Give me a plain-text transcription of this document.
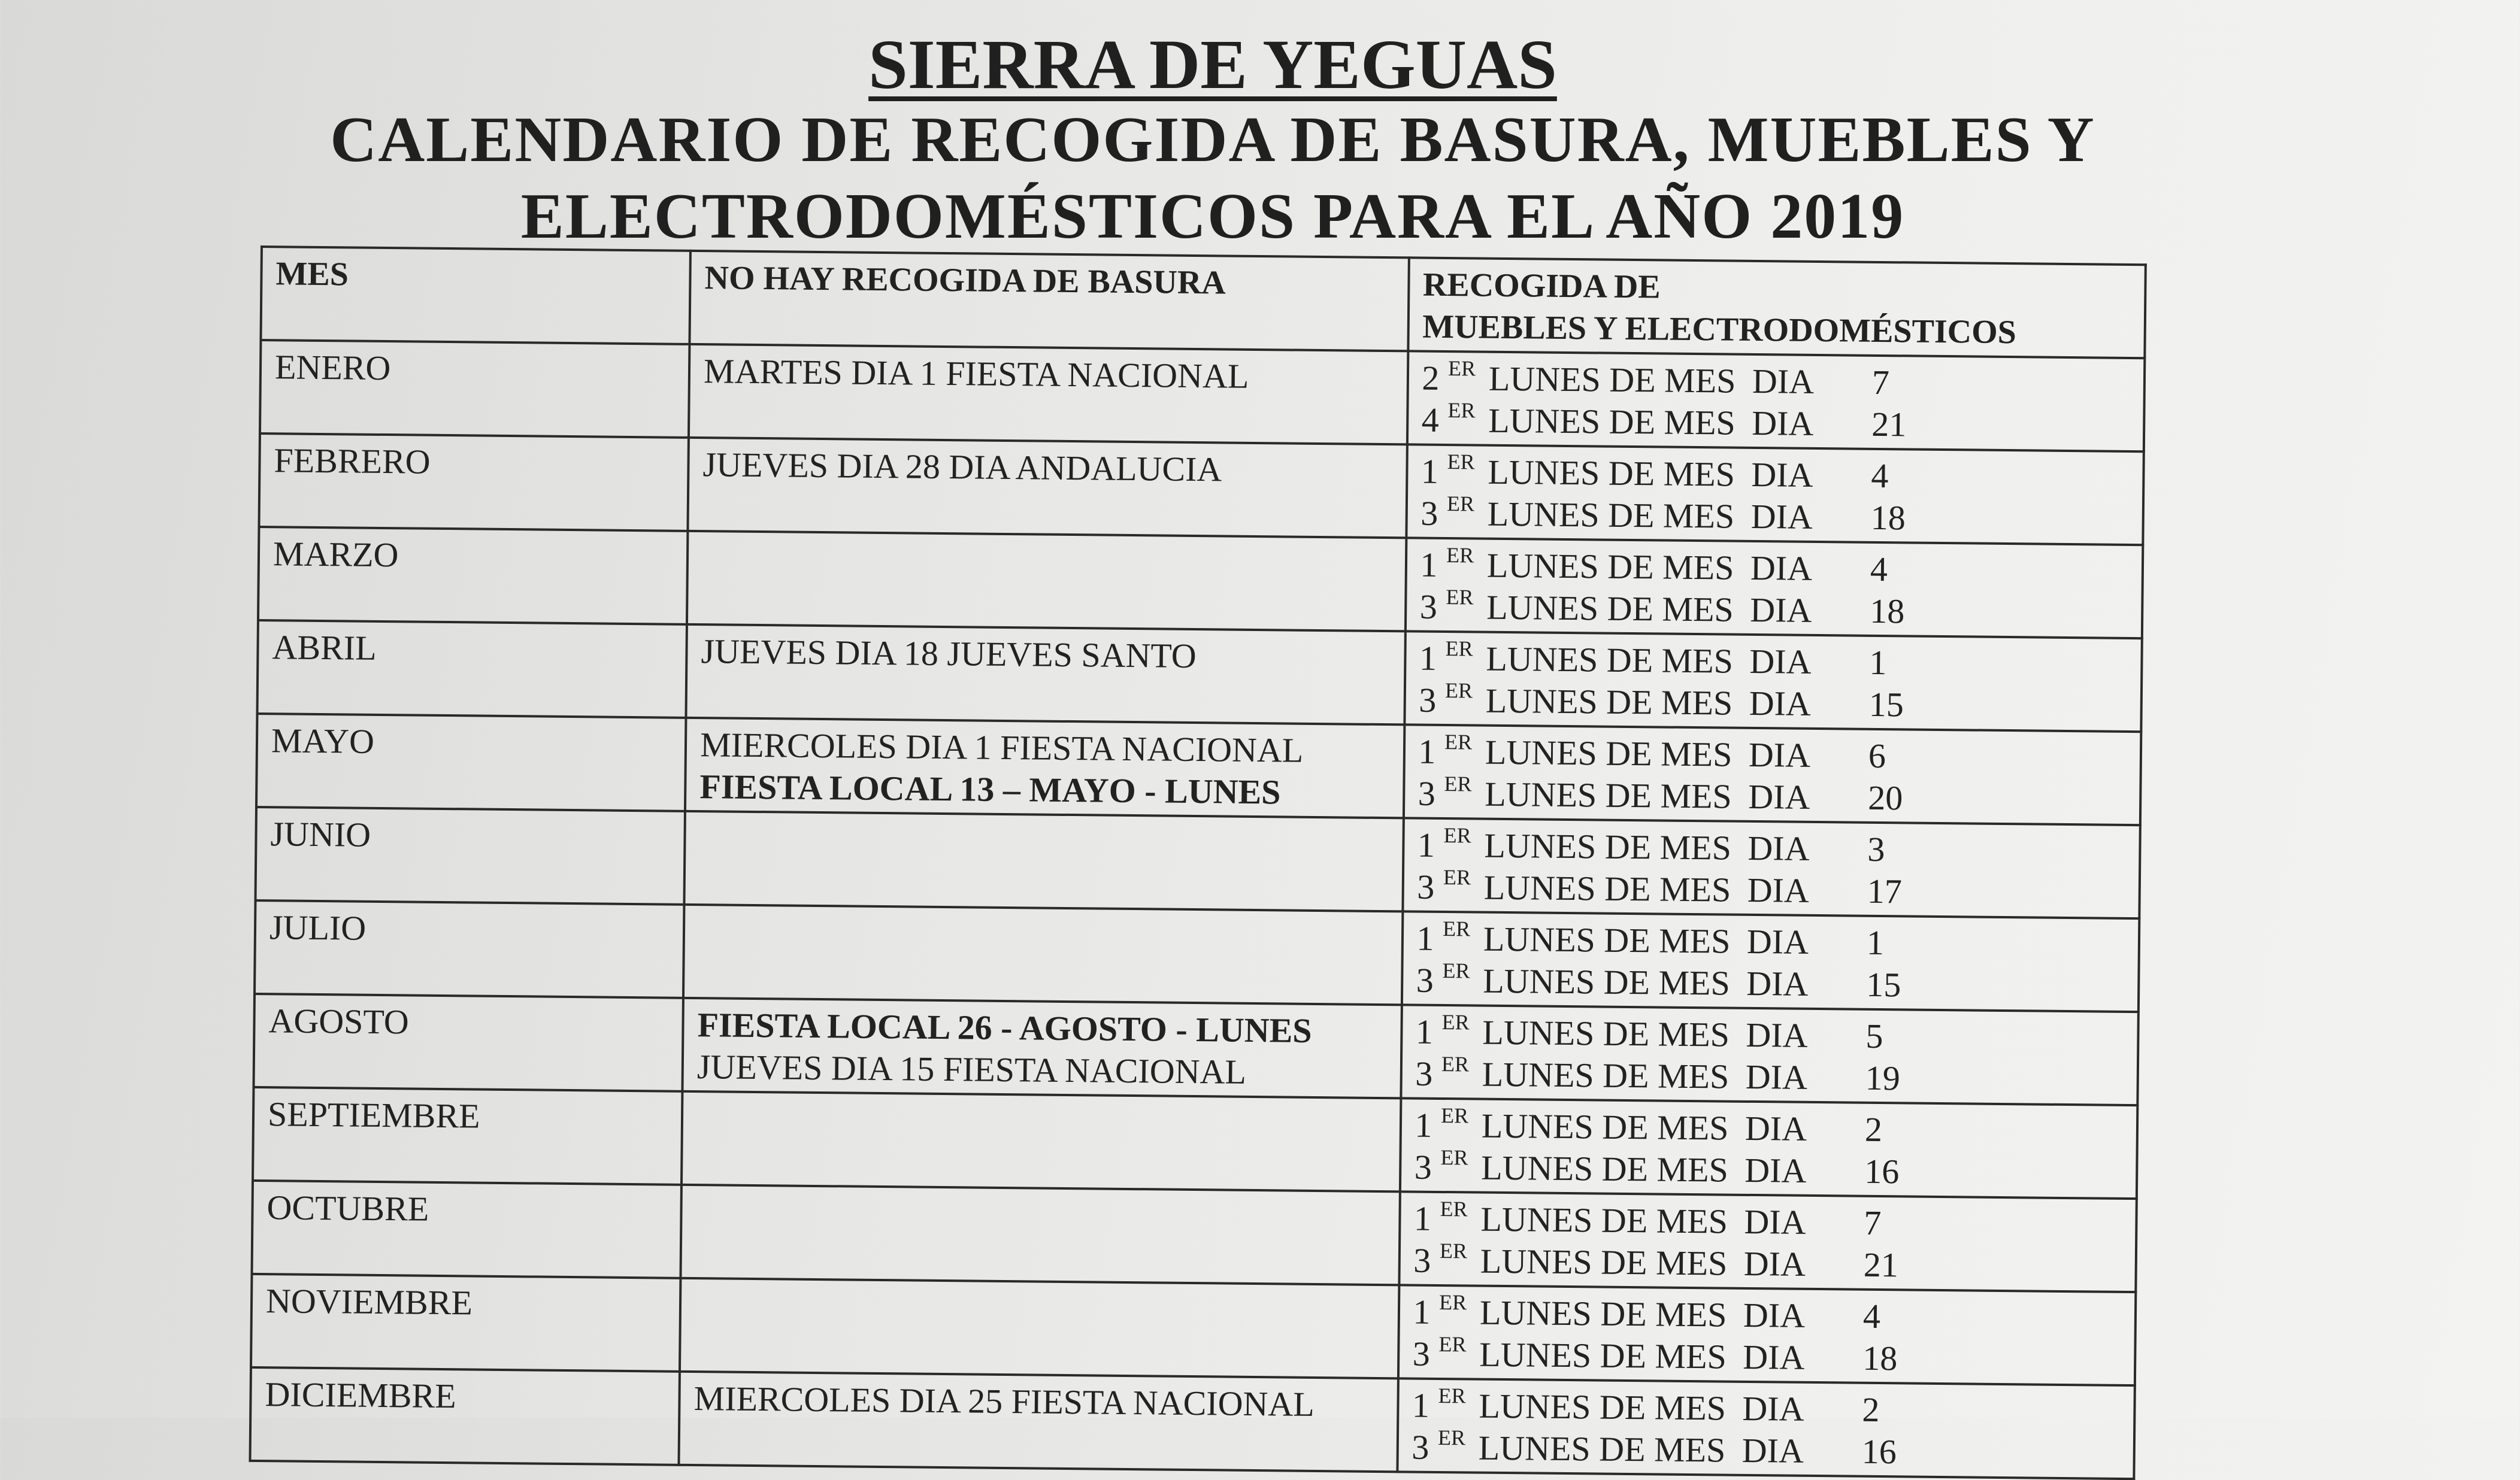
SIERRA DE YEGUAS
CALENDARIO DE RECOGIDA DE BASURA, MUEBLES Y
ELECTRODOMÉSTICOS PARA EL AÑO 2019
MES	NO HAY RECOGIDA DE BASURA	RECOGIDA DE
MUEBLES Y ELECTRODOMÉSTICOS

ENERO	MARTES DIA 1 FIESTA NACIONAL	2 $^{ER}$ LUNES DE MES DIA 7
4 $^{ER}$ LUNES DE MES DIA 21

FEBRERO	JUEVES DIA 28 DIA ANDALUCIA	1 $^{ER}$ LUNES DE MES DIA 4
3 $^{ER}$ LUNES DE MES DIA 18

MARZO		1 $^{ER}$ LUNES DE MES DIA 4
3 $^{ER}$ LUNES DE MES DIA 18

ABRIL	JUEVES DIA 18 JUEVES SANTO	1 $^{ER}$ LUNES DE MES DIA 1
3 $^{ER}$ LUNES DE MES DIA 15

MAYO	MIERCOLES DIA 1 FIESTA NACIONAL
FIESTA LOCAL 13 – MAYO - LUNES	1 $^{ER}$ LUNES DE MES DIA 6
3 $^{ER}$ LUNES DE MES DIA 20

JUNIO		1 $^{ER}$ LUNES DE MES DIA 3
3 $^{ER}$ LUNES DE MES DIA 17

JULIO		1 $^{ER}$ LUNES DE MES DIA 1
3 $^{ER}$ LUNES DE MES DIA 15

AGOSTO	FIESTA LOCAL 26 - AGOSTO - LUNES
JUEVES DIA 15 FIESTA NACIONAL	1 $^{ER}$ LUNES DE MES DIA 5
3 $^{ER}$ LUNES DE MES DIA 19

SEPTIEMBRE		1 $^{ER}$ LUNES DE MES DIA 2
3 $^{ER}$ LUNES DE MES DIA 16

OCTUBRE		1 $^{ER}$ LUNES DE MES DIA 7
3 $^{ER}$ LUNES DE MES DIA 21

NOVIEMBRE		1 $^{ER}$ LUNES DE MES DIA 4
3 $^{ER}$ LUNES DE MES DIA 18

DICIEMBRE	MIERCOLES DIA 25 FIESTA NACIONAL	1 $^{ER}$ LUNES DE MES DIA 2
3 $^{ER}$ LUNES DE MES DIA 16
